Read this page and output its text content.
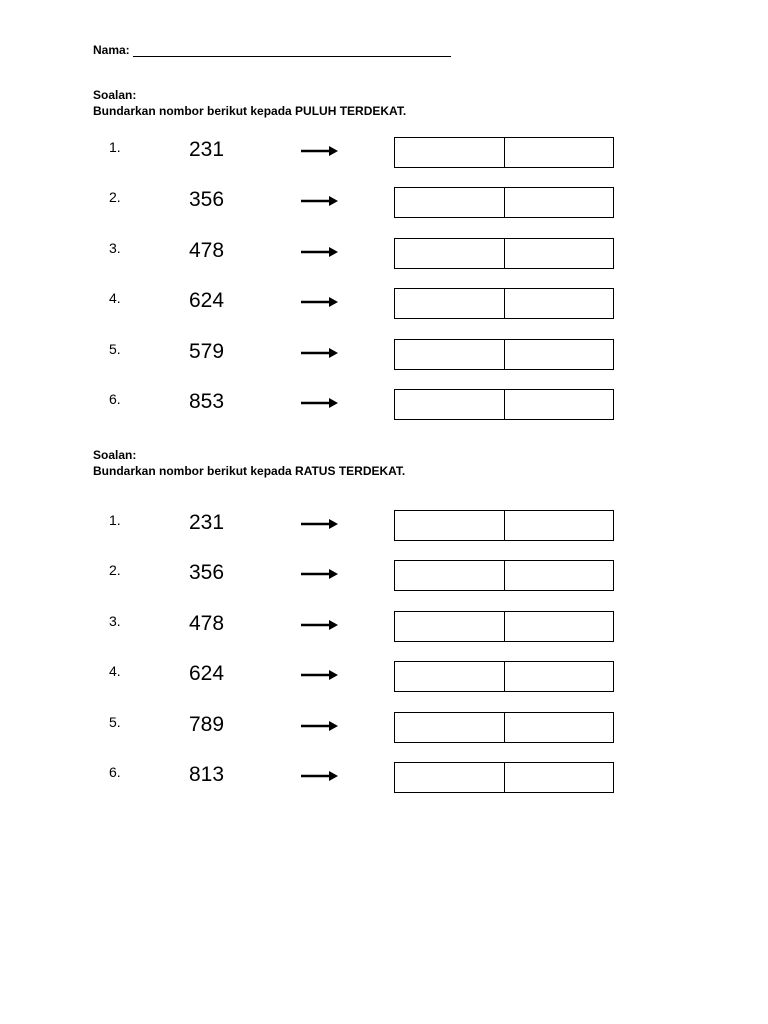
Nama:
Soalan:
Bundarkan nombor berikut kepada PULUH TERDEKAT.
1.	231
2.	356
3.	478
4.	624
5.	579
6.	853
Soalan:
Bundarkan nombor berikut kepada RATUS TERDEKAT.
1.	231
2.	356
3.	478
4.	624
5.	789
6.	813
